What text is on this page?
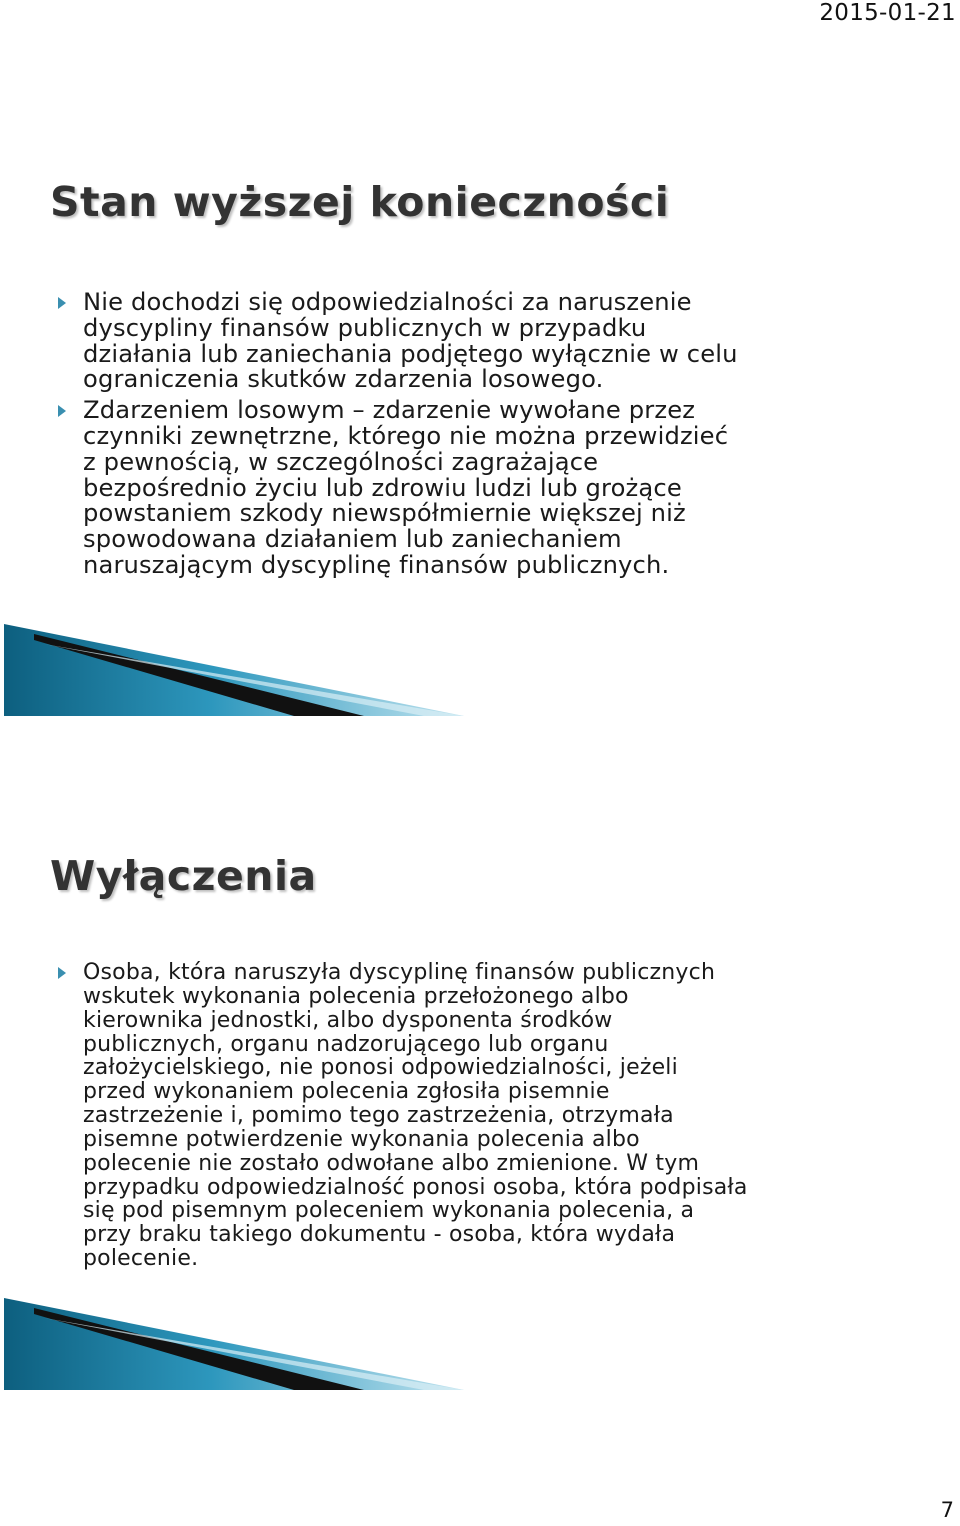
2015-01-21
Stan wyższej konieczności
Nie dochodzi się odpowiedzialności za naruszenie dyscypliny finansów publicznych w przypadku działania lub zaniechania podjętego wyłącznie w celu ograniczenia skutków zdarzenia losowego.
Zdarzeniem losowym – zdarzenie wywołane przez czynniki zewnętrzne, którego nie można przewidzieć z pewnością, w szczególności zagrażające bezpośrednio życiu lub zdrowiu ludzi lub grożące powstaniem szkody niewspółmiernie większej niż spowodowana działaniem lub zaniechaniem naruszającym dyscyplinę finansów publicznych.
Wyłączenia
Osoba, która naruszyła dyscyplinę finansów publicznych wskutek wykonania polecenia przełożonego albo kierownika jednostki, albo dysponenta środków publicznych, organu nadzorującego lub organu założycielskiego, nie ponosi odpowiedzialności, jeżeli przed wykonaniem polecenia zgłosiła pisemnie zastrzeżenie i, pomimo tego zastrzeżenia, otrzymała pisemne potwierdzenie wykonania polecenia albo polecenie nie zostało odwołane albo zmienione. W tym przypadku odpowiedzialność ponosi osoba, która podpisała się pod pisemnym poleceniem wykonania polecenia, a przy braku takiego dokumentu - osoba, która wydała polecenie.
7
